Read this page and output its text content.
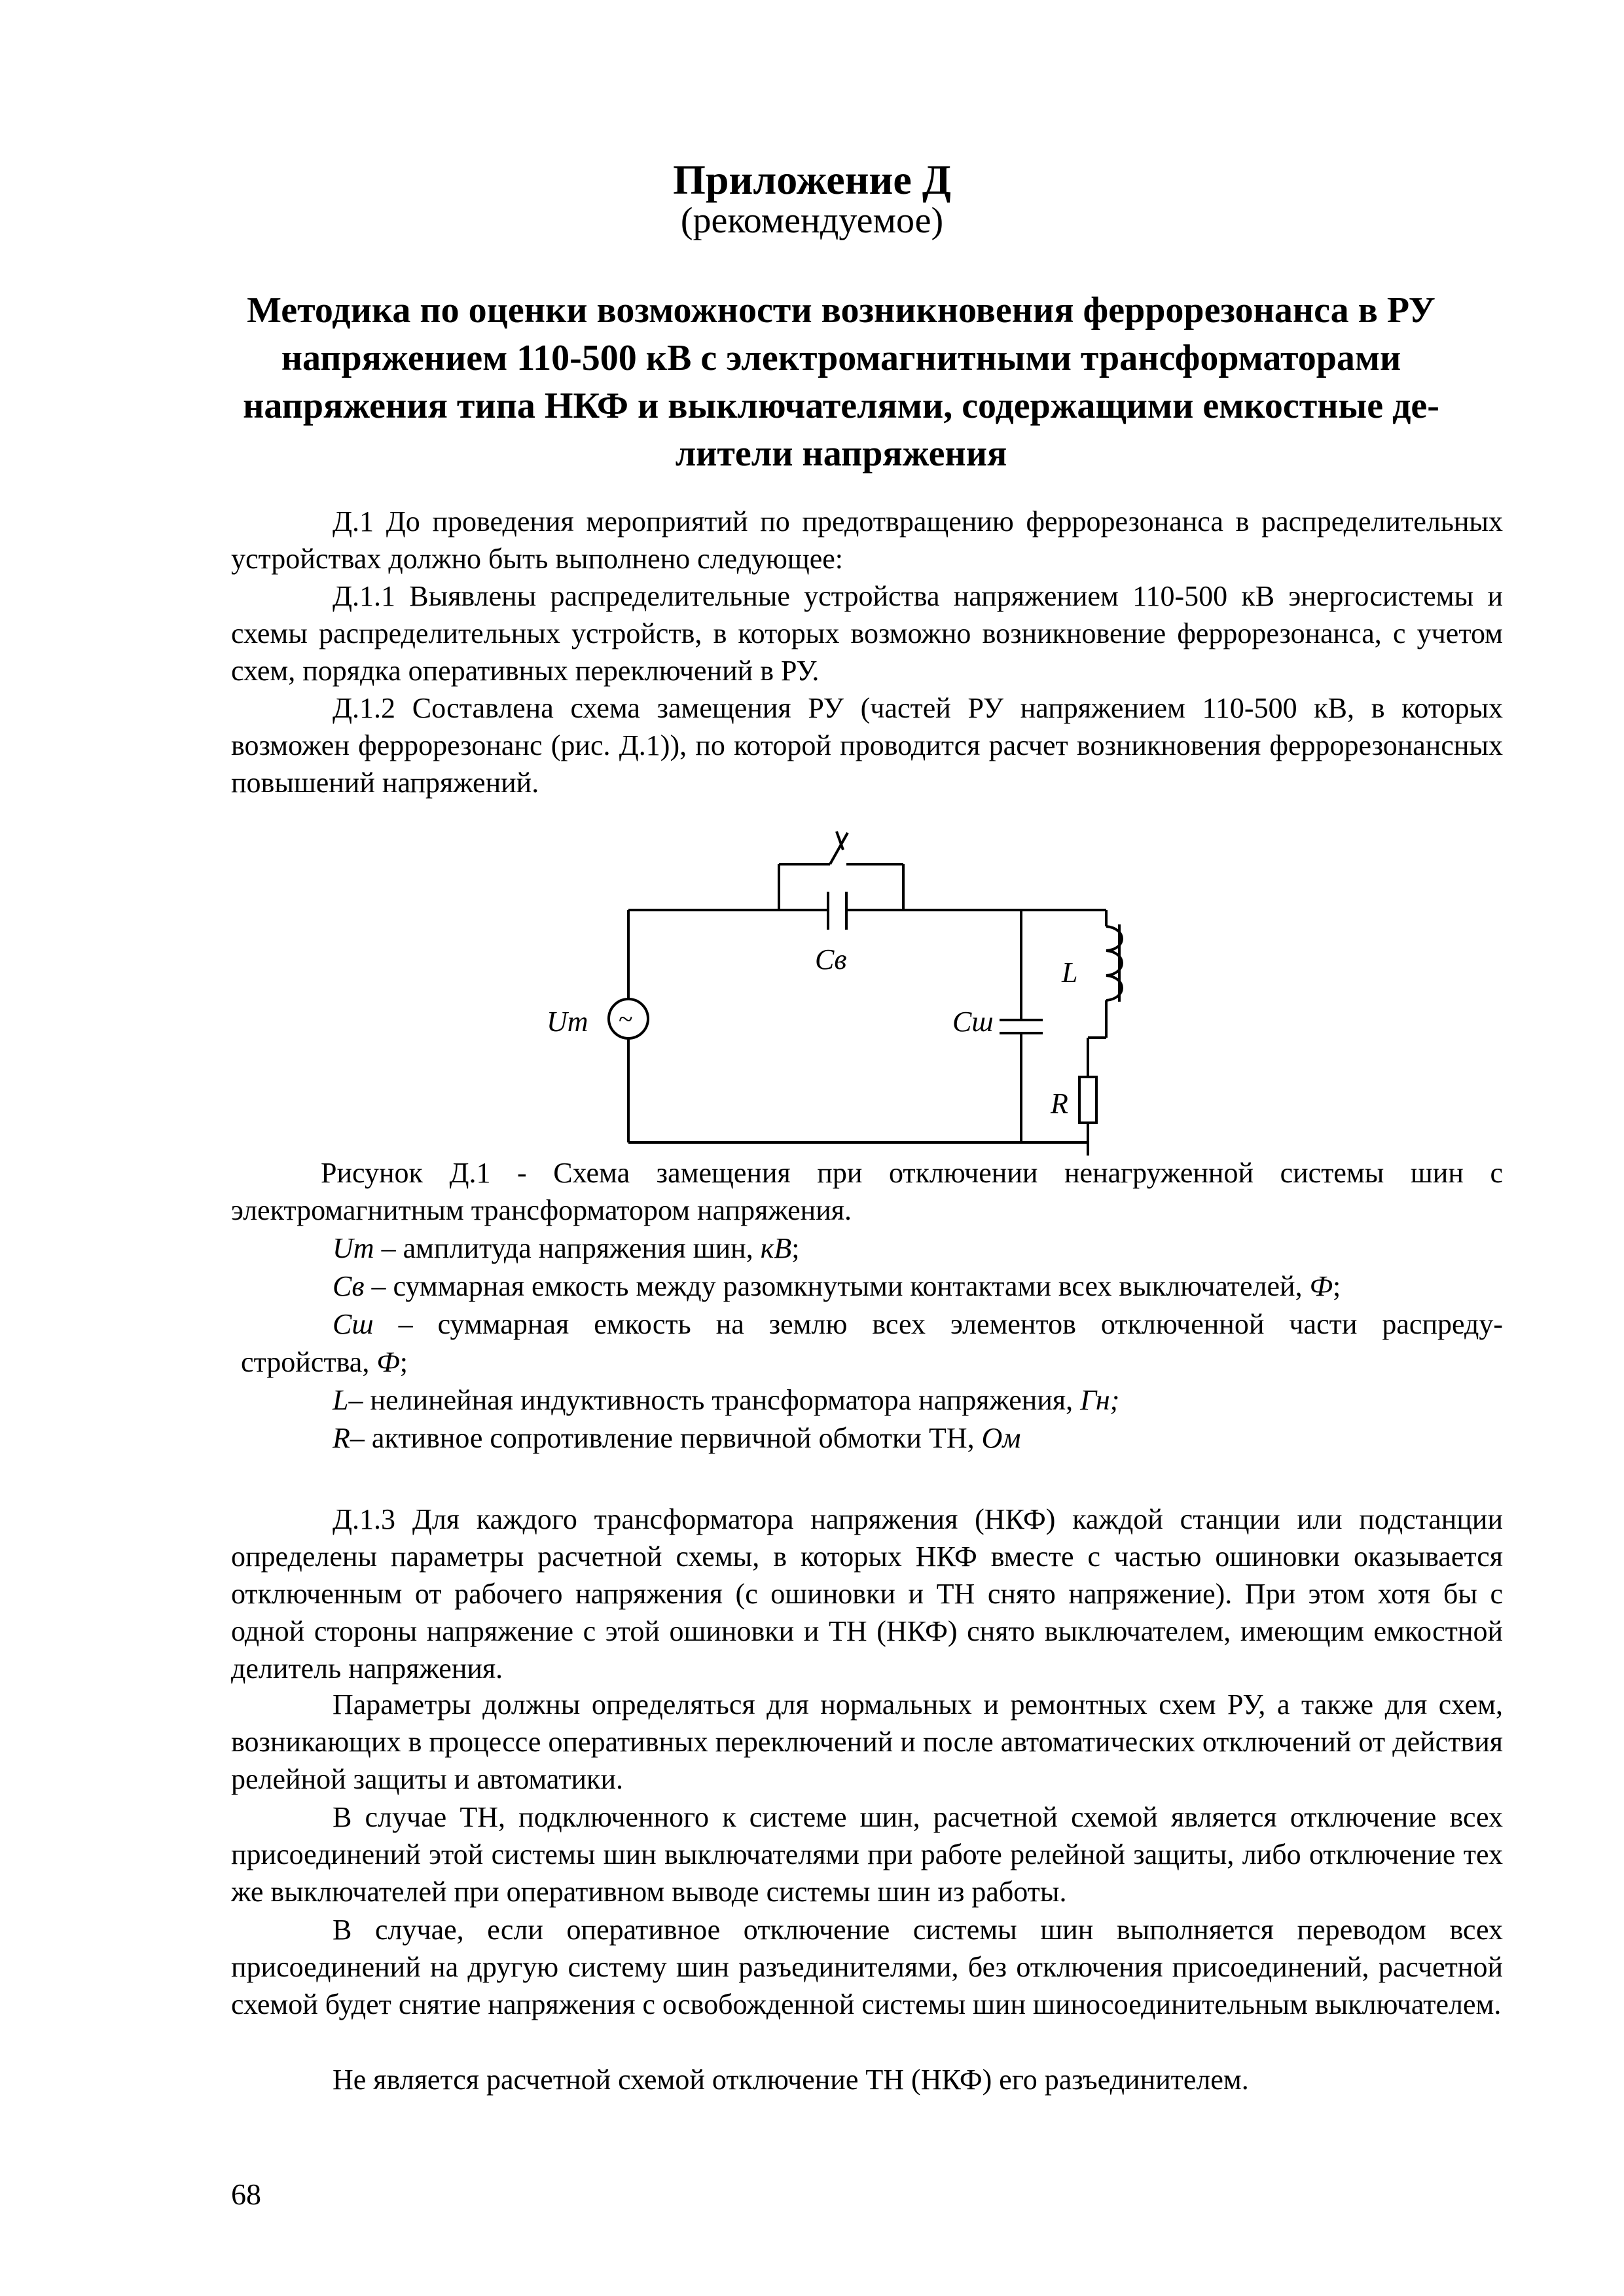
Приложение Д
(рекомендуемое)
Методика по оценки возможности возникновения феррорезонанса в РУ
напряжением 110-500 кВ с электромагнитными трансформаторами
напряжения типа НКФ и выключателями, содержащими емкостные де-
лители напряжения
Д.1 До проведения мероприятий по предотвращению феррорезонанса в распределительных устройствах должно быть выполнено следующее:
Д.1.1 Выявлены распределительные устройства напряжением 110-500 кВ энергосистемы и схемы распределительных устройств, в которых возможно возникновение феррорезонанса, с учетом схем, порядка оперативных переключений в РУ.
Д.1.2 Составлена схема замещения РУ (частей РУ напряжением 110-500 кВ, в которых возможен феррорезонанс (рис. Д.1)), по которой проводится расчет возникновения феррорезонансных повышений напряжений.
~
Um
Cв
Cш
L
R
Рисунок Д.1 - Схема замещения при отключении ненагруженной системы шин с
электромагнитным трансформатором напряжения.
Um – амплитуда напряжения шин, кВ;
Cв – суммарная емкость между разомкнутыми контактами всех выключателей, Ф;
Cш – суммарная емкость на землю всех элементов отключенной части распреду-
стройства, Ф;
L– нелинейная индуктивность трансформатора напряжения, Гн;
R– активное сопротивление первичной обмотки ТН, Ом
Д.1.3 Для каждого трансформатора напряжения (НКФ) каждой станции или подстанции определены параметры расчетной схемы, в которых НКФ вместе с частью ошиновки оказывается отключенным от рабочего напряжения (с ошиновки и ТН снято напряжение). При этом хотя бы с одной стороны напряжение с этой ошиновки и ТН (НКФ) снято выключателем, имеющим емкостной делитель напряжения.
Параметры должны определяться для нормальных и ремонтных схем РУ, а также для схем, возникающих в процессе оперативных переключений и после автоматических отключений от действия релейной защиты и автоматики.
В случае ТН, подключенного к системе шин, расчетной схемой является отключение всех присоединений этой системы шин выключателями при работе релейной защиты, либо отключение тех же выключателей при оперативном выводе системы шин из работы.
В случае, если оперативное отключение системы шин выполняется переводом всех присоединений на другую систему шин разъединителями, без отключения присоединений, расчетной схемой будет снятие напряжения с освобожденной системы шин шиносоединительным выключателем.
Не является расчетной схемой отключение ТН (НКФ) его разъединителем.
68
